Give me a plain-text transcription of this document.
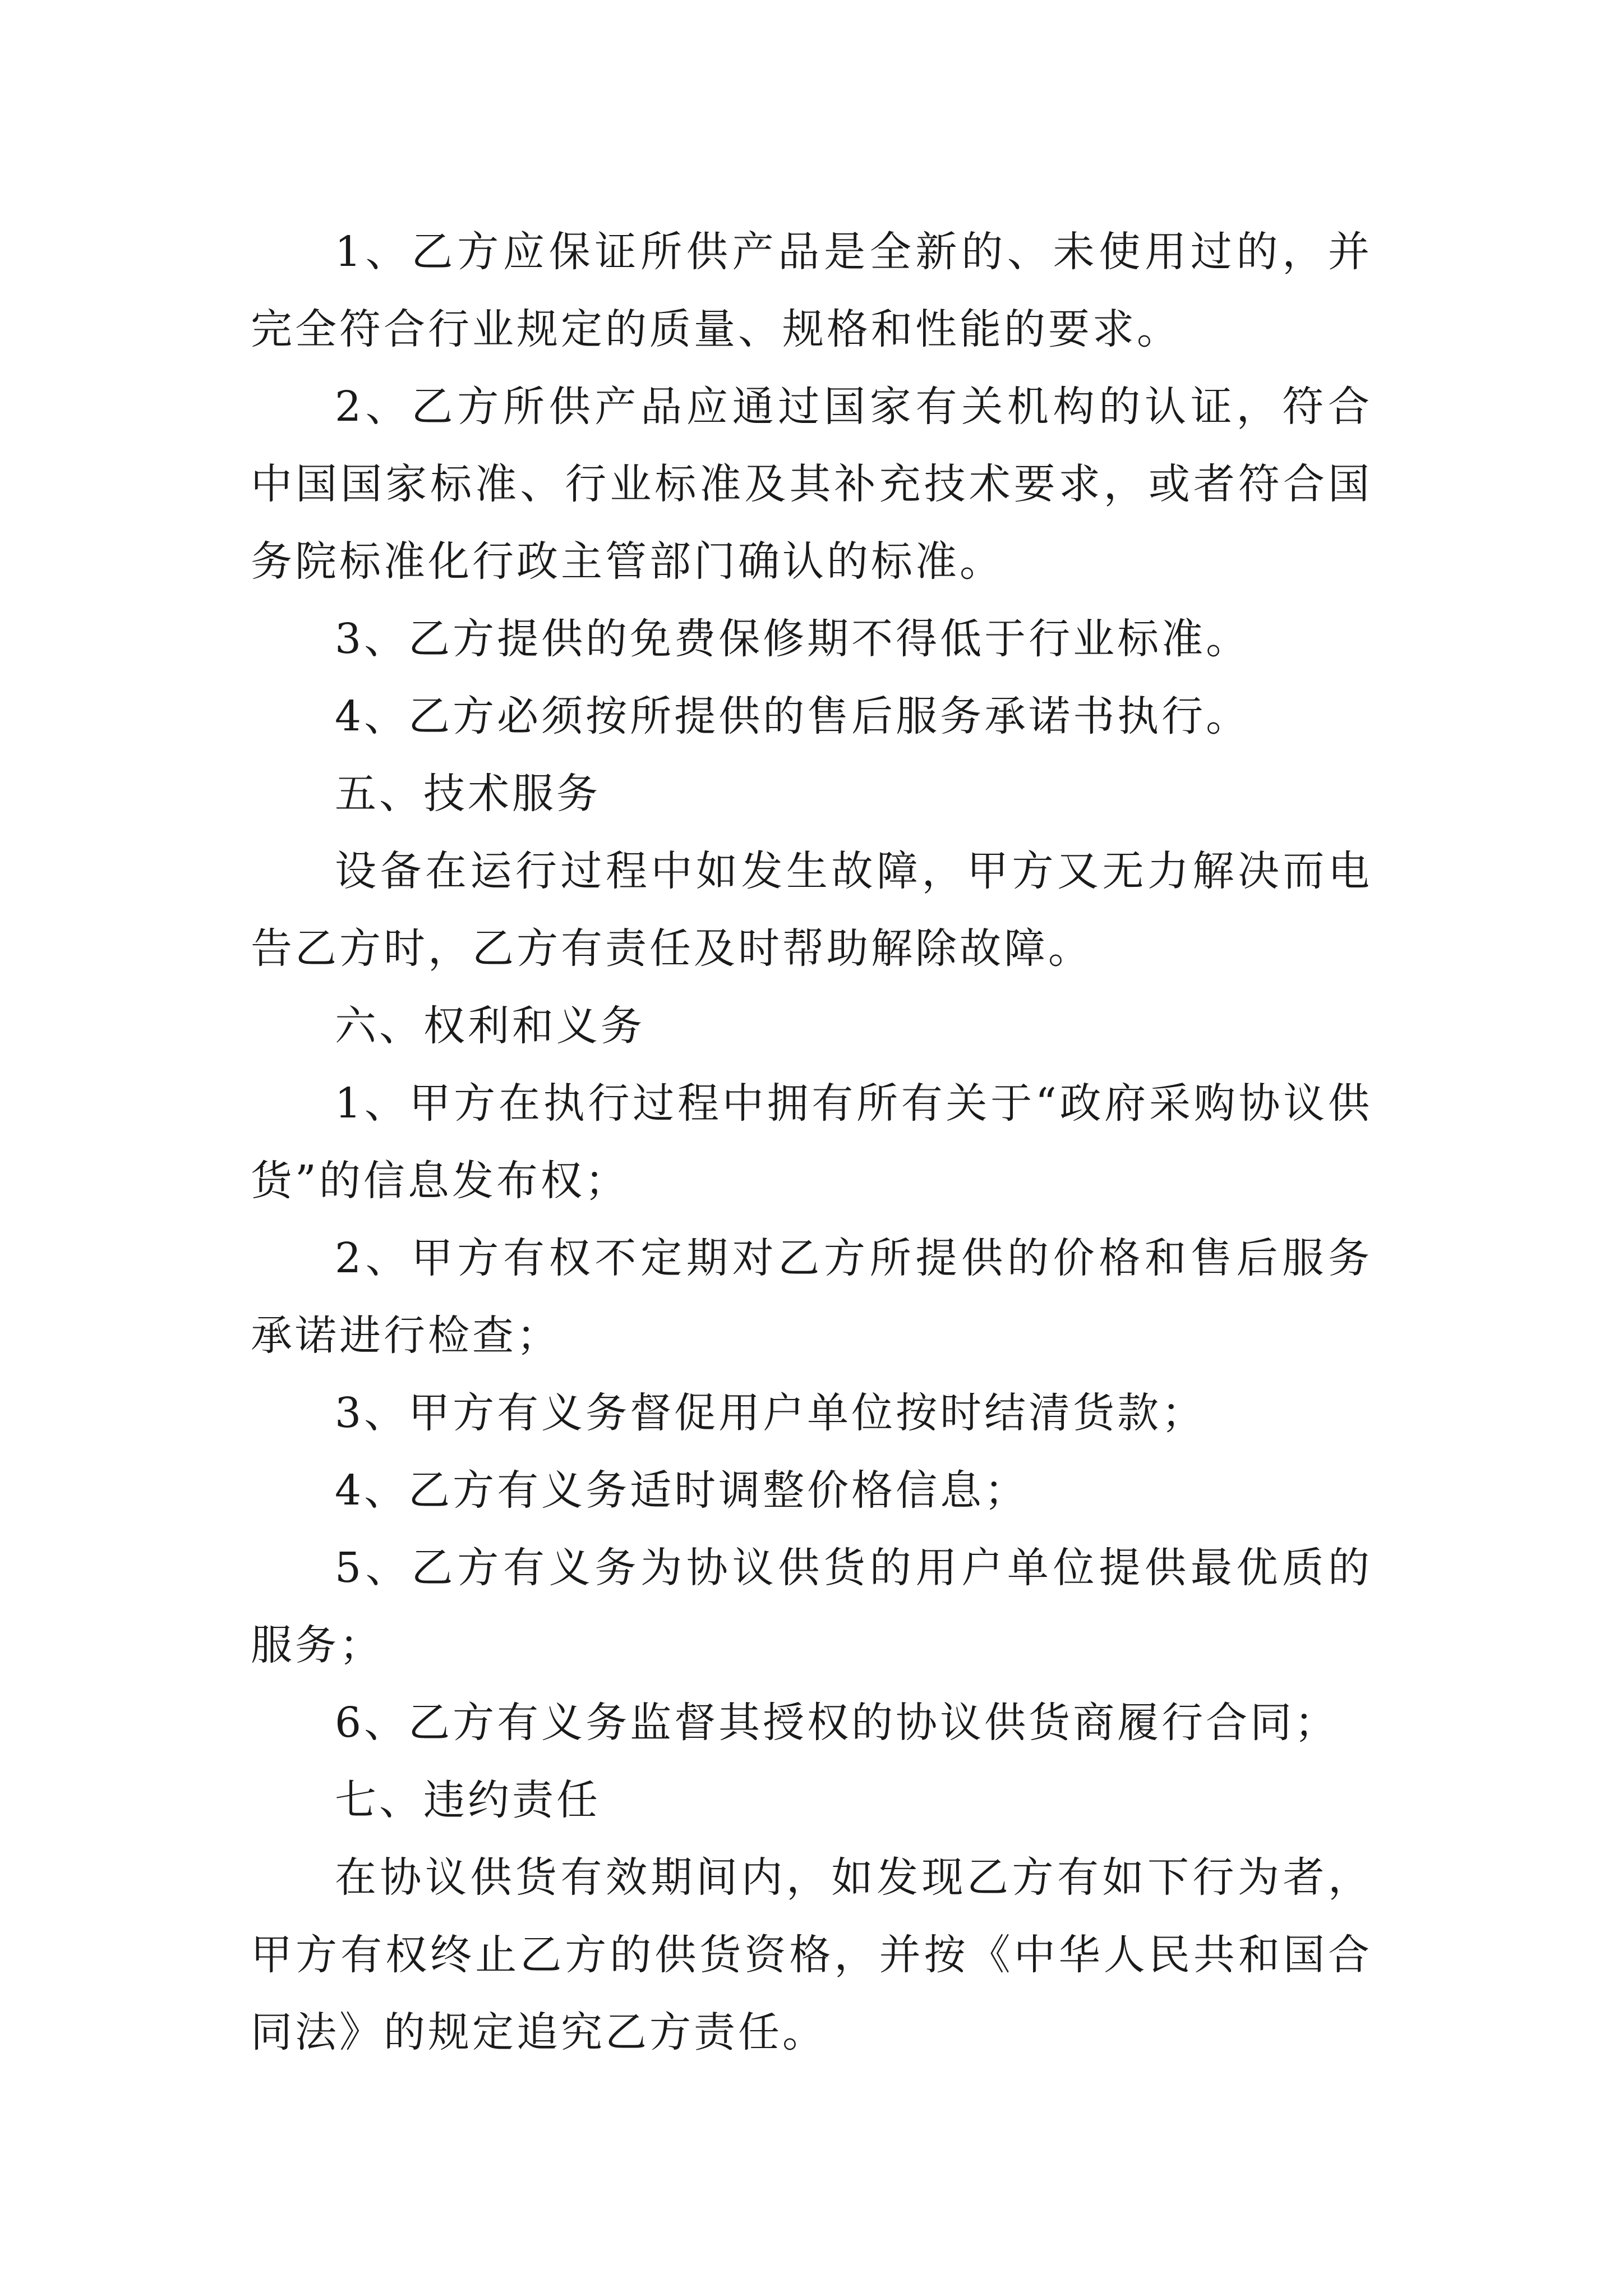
1、乙方应保证所供产品是全新的、未使用过的，并完全符合行业规定的质量、规格和性能的要求。

2、乙方所供产品应通过国家有关机构的认证，符合中国国家标准、行业标准及其补充技术要求，或者符合国务院标准化行政主管部门确认的标准。

3、乙方提供的免费保修期不得低于行业标准。

4、乙方必须按所提供的售后服务承诺书执行。

五、技术服务

设备在运行过程中如发生故障，甲方又无力解决而电告乙方时，乙方有责任及时帮助解除故障。

六、权利和义务

1、甲方在执行过程中拥有所有关于“政府采购协议供货”的信息发布权；

2、甲方有权不定期对乙方所提供的价格和售后服务承诺进行检查；

3、甲方有义务督促用户单位按时结清货款；

4、乙方有义务适时调整价格信息；

5、乙方有义务为协议供货的用户单位提供最优质的服务；

6、乙方有义务监督其授权的协议供货商履行合同；

七、违约责任

在协议供货有效期间内，如发现乙方有如下行为者，甲方有权终止乙方的供货资格，并按《中华人民共和国合同法》的规定追究乙方责任。
